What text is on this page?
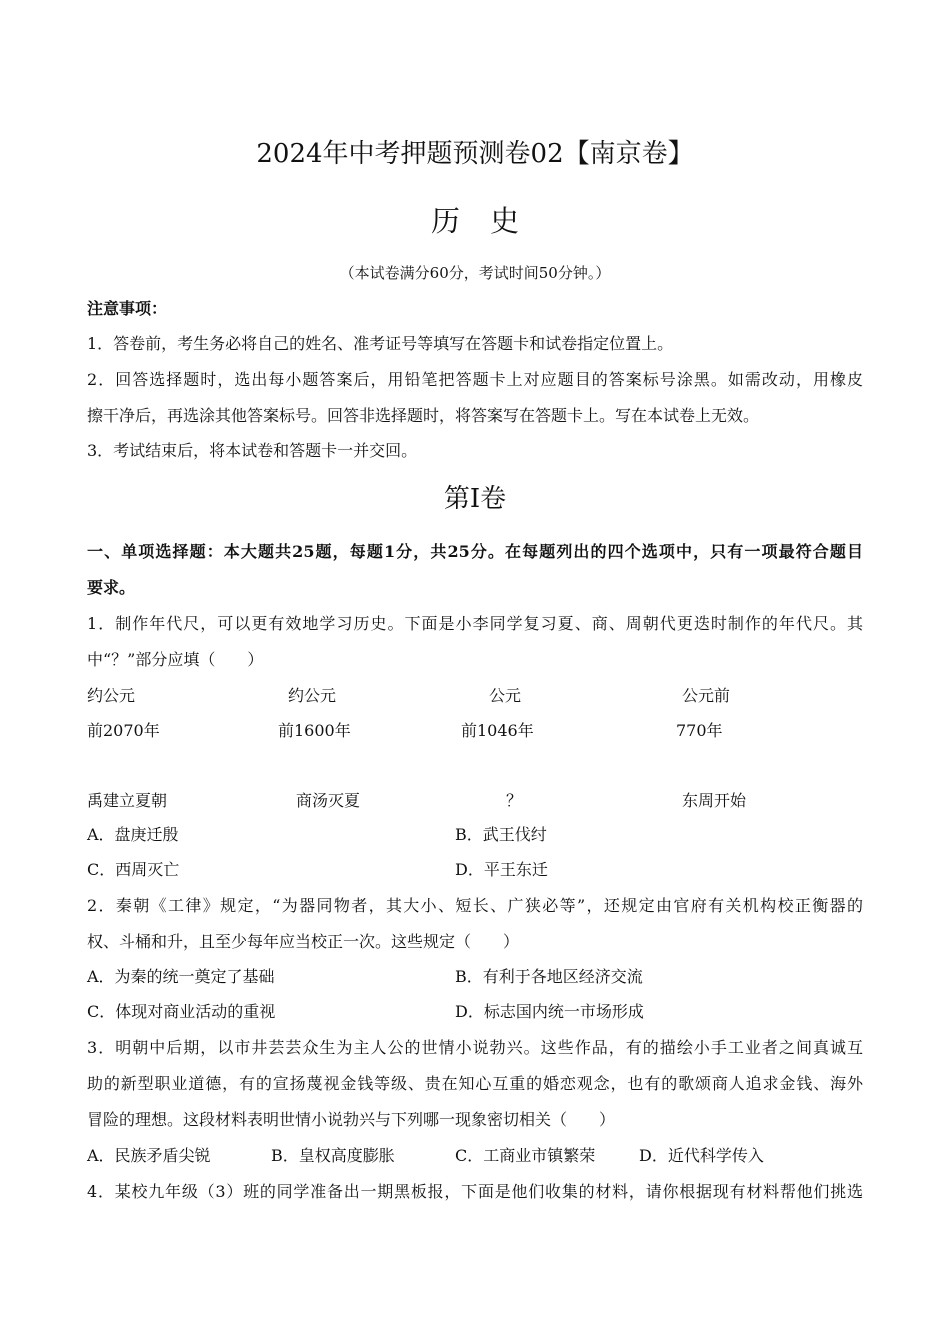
2024年中考押题预测卷02【南京卷】
历史
（本试卷满分60分，考试时间50分钟。）
注意事项：
1．答卷前，考生务必将自己的姓名、准考证号等填写在答题卡和试卷指定位置上。
2．回答选择题时，选出每小题答案后，用铅笔把答题卡上对应题目的答案标号涂黑。如需改动，用橡皮
擦干净后，再选涂其他答案标号。回答非选择题时，将答案写在答题卡上。写在本试卷上无效。
3．考试结束后，将本试卷和答题卡一并交回。
第Ⅰ卷
一、单项选择题：本大题共25题，每题1分，共25分。在每题列出的四个选项中，只有一项最符合题目
要求。
1．制作年代尺，可以更有效地学习历史。下面是小李同学复习夏、商、周朝代更迭时制作的年代尺。其
中“？”部分应填（　　）
约公元	约公元	公元	公元前
前2070年	前1600年	前1046年	770年
禹建立夏朝	商汤灭夏	？	东周开始
A．盘庚迁殷	B．武王伐纣
C．西周灭亡	D．平王东迁
2．秦朝《工律》规定，“为器同物者，其大小、短长、广狭必等”，还规定由官府有关机构校正衡器的
权、斗桶和升，且至少每年应当校正一次。这些规定（　　）
A．为秦的统一奠定了基础	B．有利于各地区经济交流
C．体现对商业活动的重视	D．标志国内统一市场形成
3．明朝中后期，以市井芸芸众生为主人公的世情小说勃兴。这些作品，有的描绘小手工业者之间真诚互
助的新型职业道德，有的宣扬蔑视金钱等级、贵在知心互重的婚恋观念，也有的歌颂商人追求金钱、海外
冒险的理想。这段材料表明世情小说勃兴与下列哪一现象密切相关（　　）
A．民族矛盾尖锐	B．皇权高度膨胀	C．工商业市镇繁荣	D．近代科学传入
4．某校九年级（3）班的同学准备出一期黑板报，下面是他们收集的材料，请你根据现有材料帮他们挑选
